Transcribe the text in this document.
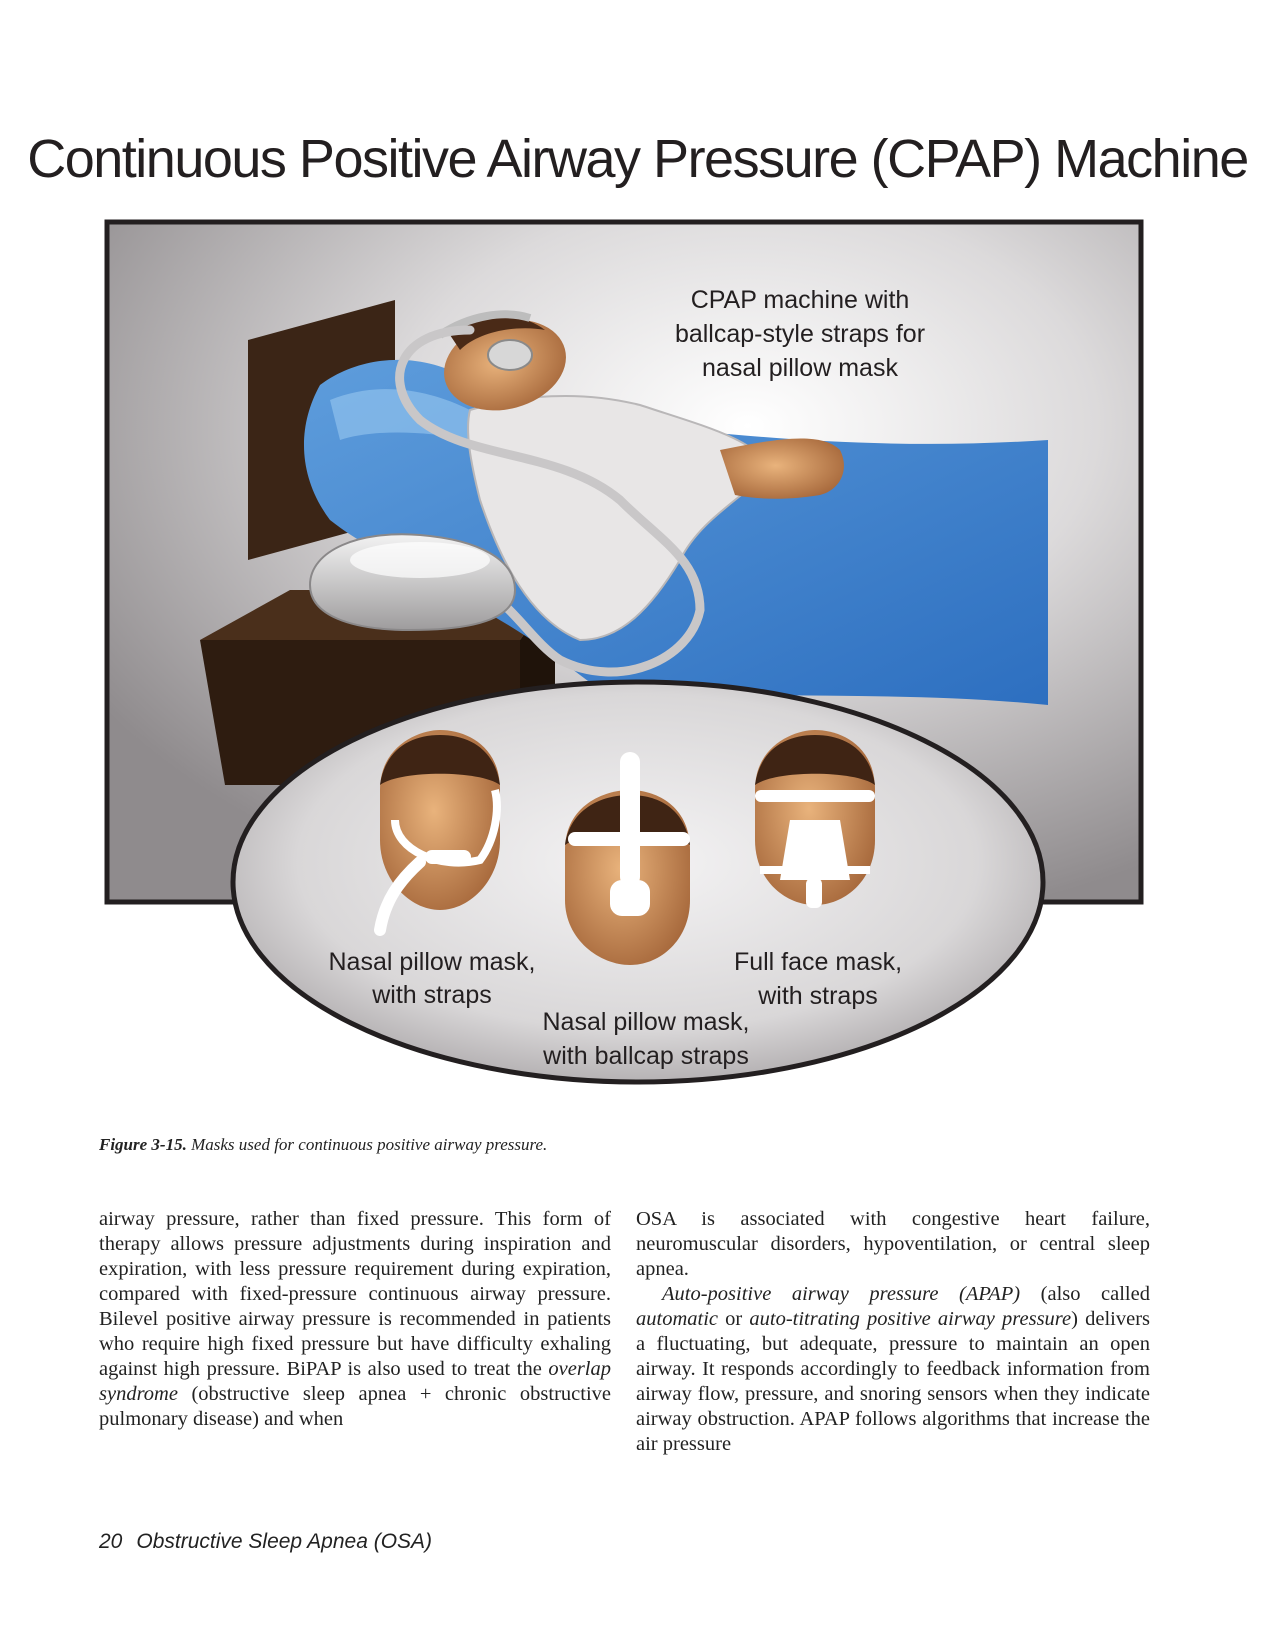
Continuous Positive Airway Pressure (CPAP) Machine
CPAP machine with
ballcap-style straps for
nasal pillow mask
Nasal pillow mask,
with straps
Nasal pillow mask,
with ballcap straps
Full face mask,
with straps
Figure 3-15. Masks used for continuous positive airway pressure.

airway pressure, rather than fixed pressure. This form of therapy allows pressure adjustments during inspiration and expiration, with less pressure requirement during expiration, compared with fixed-pressure continuous airway pressure. Bilevel positive airway pressure is recommended in patients who require high fixed pressure but have difficulty exhaling against high pressure. BiPAP is also used to treat the overlap syndrome (obstructive sleep apnea + chronic obstructive pulmonary disease) and when

OSA is associated with congestive heart failure, neuromuscular disorders, hypoventilation, or central sleep apnea.

Auto-positive airway pressure (APAP) (also called automatic or auto-titrating positive airway pressure) delivers a fluctuating, but adequate, pressure to maintain an open airway. It responds accordingly to feedback information from airway flow, pressure, and snoring sensors when they indicate airway obstruction. APAP follows algorithms that increase the air pressure

20 Obstructive Sleep Apnea (OSA)
